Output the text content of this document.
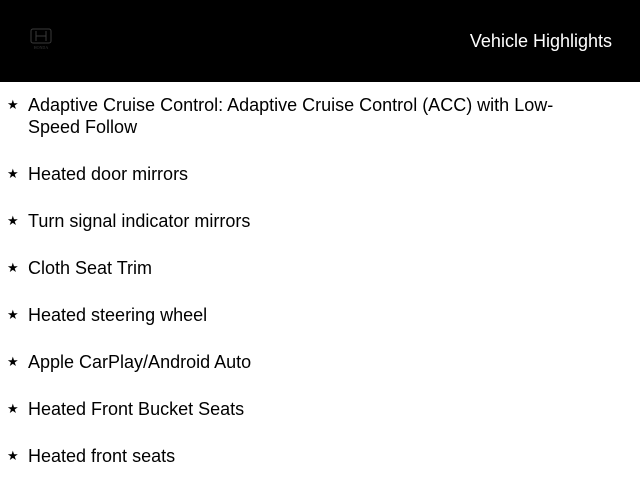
HONDA	Vehicle Highlights
★ Adaptive Cruise Control: Adaptive Cruise Control (ACC) with Low-Speed Follow
★ Heated door mirrors
★ Turn signal indicator mirrors
★ Cloth Seat Trim
★ Heated steering wheel
★ Apple CarPlay/Android Auto
★ Heated Front Bucket Seats
★ Heated front seats
